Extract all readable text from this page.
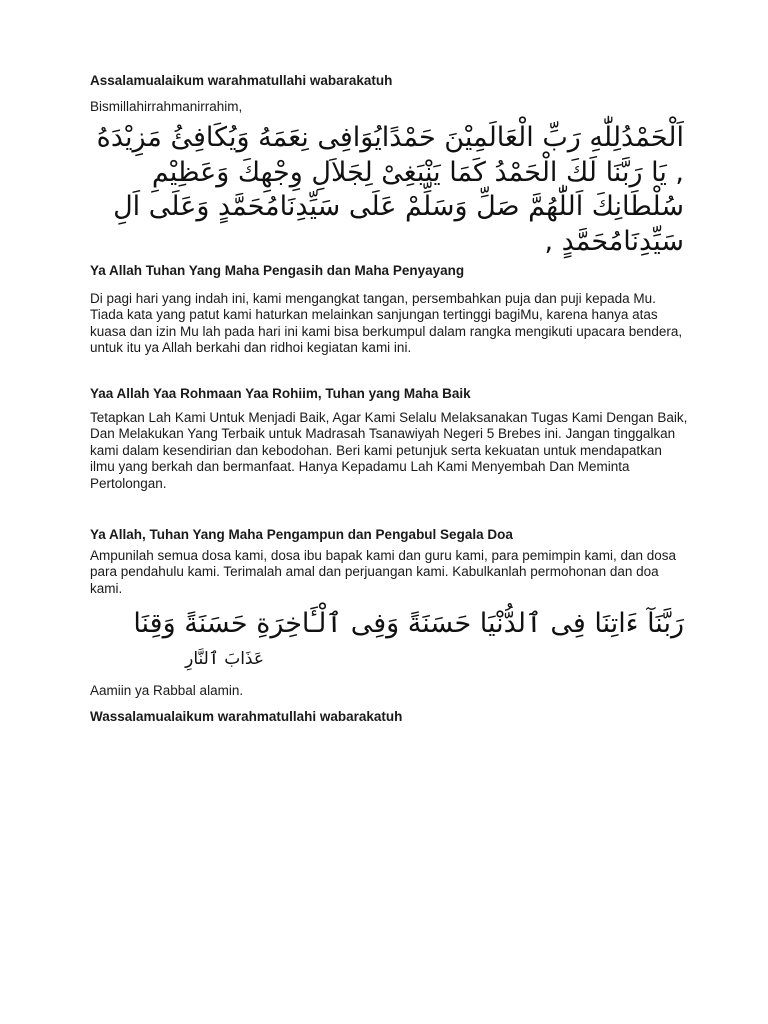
Assalamualaikum warahmatullahi wabarakatuh

Bismillahirrahmanirrahim,

اَلْحَمْدُلِلّٰهِ رَبِّ الْعَالَمِيْنَ حَمْدًايُوَافِى نِعَمَهُ وَيُكَافِئُ مَزِيْدَهُ , يَا رَبَّنَا لَكَ الْحَمْدُ كَمَا يَنْبَغِىْ لِجَلاَلِ وِجْهِكَ وَعَظِيْمِ سُلْطَانِكَ اَللّٰهُمَّ صَلِّ وَسَلِّمْ عَلَى سَيِّدِنَامُحَمَّدٍ وَعَلَى اَلِ سَيِّدِنَامُحَمَّدٍ ,

Ya Allah Tuhan Yang Maha Pengasih dan Maha Penyayang

Di pagi hari yang indah ini, kami mengangkat tangan, persembahkan puja dan puji kepada Mu. Tiada kata yang patut kami haturkan melainkan sanjungan tertinggi bagiMu, karena hanya atas kuasa dan izin Mu lah pada hari ini kami bisa berkumpul dalam rangka mengikuti upacara bendera, untuk itu ya Allah berkahi dan ridhoi kegiatan kami ini.

Yaa Allah Yaa Rohmaan Yaa Rohiim, Tuhan yang Maha Baik

Tetapkan Lah Kami Untuk Menjadi Baik, Agar Kami Selalu Melaksanakan Tugas Kami Dengan Baik, Dan Melakukan Yang Terbaik untuk Madrasah Tsanawiyah Negeri 5 Brebes ini. Jangan tinggalkan kami dalam kesendirian dan kebodohan. Beri kami petunjuk serta kekuatan untuk mendapatkan ilmu yang berkah dan bermanfaat. Hanya Kepadamu Lah Kami Menyembah Dan Meminta Pertolongan.

Ya Allah, Tuhan Yang Maha Pengampun dan Pengabul Segala Doa

Ampunilah semua dosa kami, dosa ibu bapak kami dan guru kami, para pemimpin kami, dan dosa para pendahulu kami. Terimalah amal dan perjuangan kami. Kabulkanlah permohonan dan doa kami.

رَبَّنَآ ءَاتِنَا فِى ٱلدُّنْيَا حَسَنَةً وَفِى ٱلْـَٔاخِرَةِ حَسَنَةً وَقِنَا

عَذَابَ ٱلنَّارِ

Aamiin ya Rabbal alamin.

Wassalamualaikum warahmatullahi wabarakatuh
